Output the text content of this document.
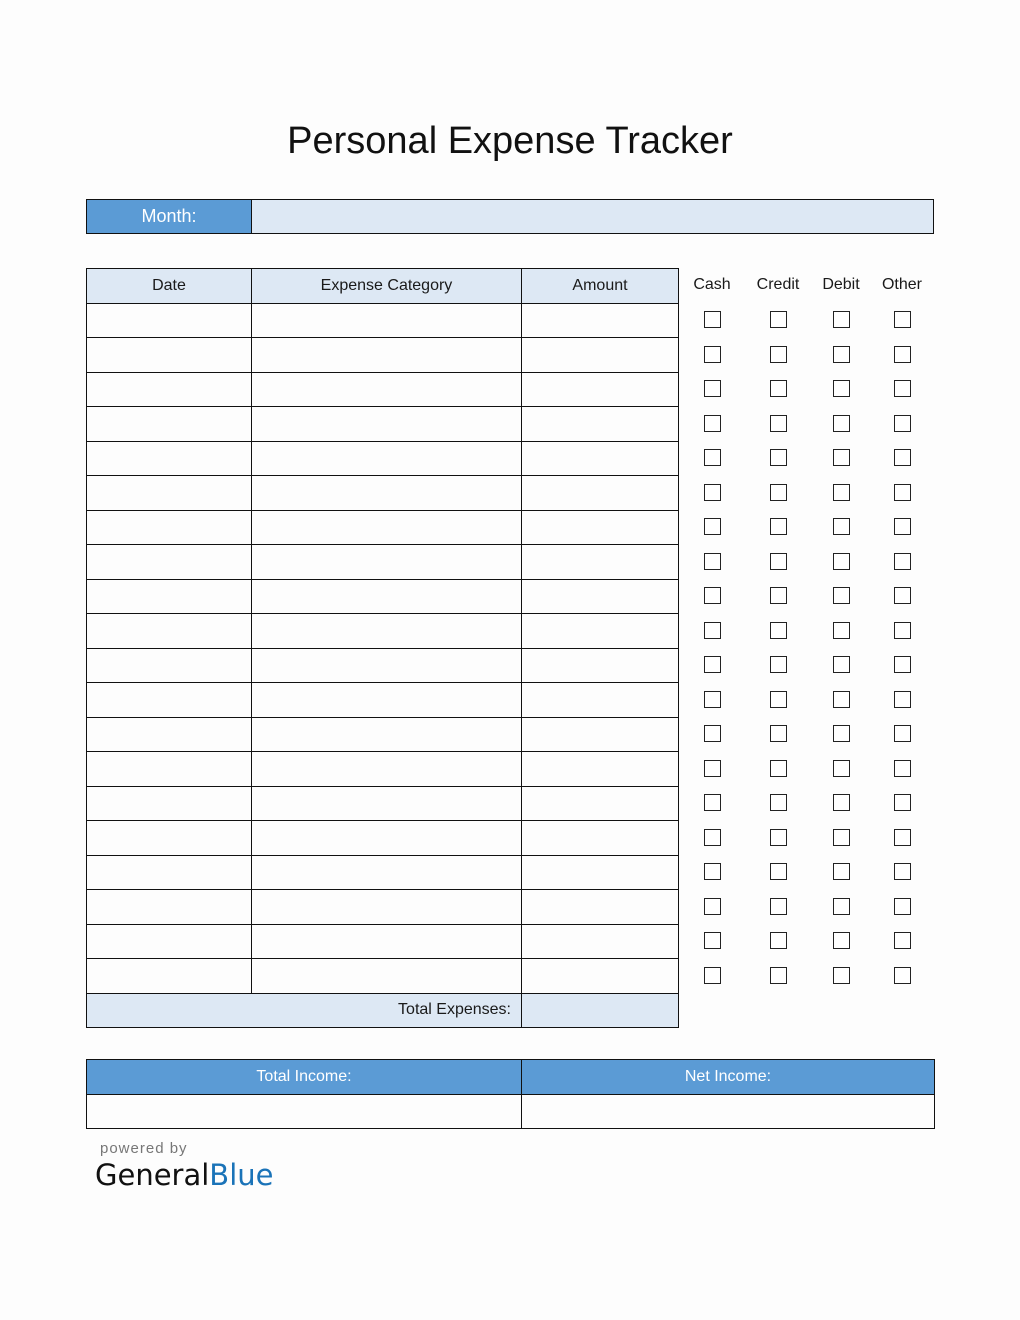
Personal Expense Tracker
Month:
Date	Expense Category	Amount

Total Expenses:		
Cash	Credit	Debit	Other
Total Income:	Net Income:

powered by
GeneralBlue
